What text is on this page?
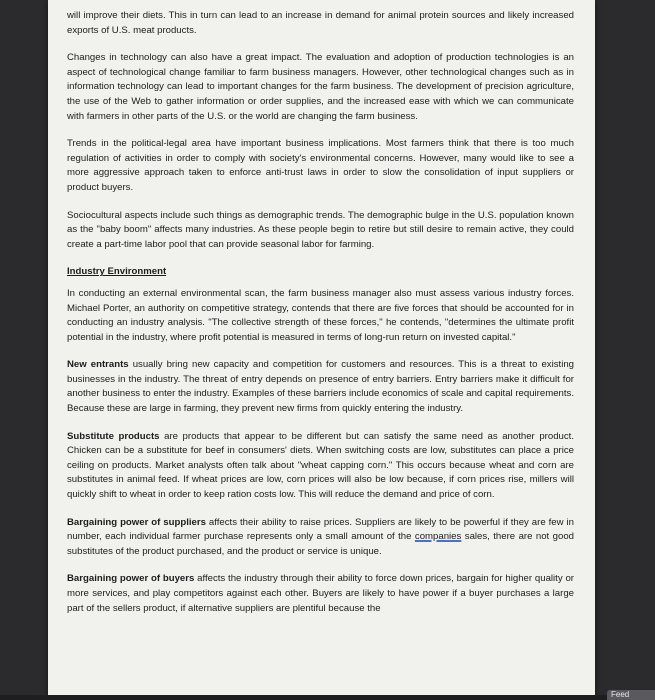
will improve their diets. This in turn can lead to an increase in demand for animal protein sources and likely increased exports of U.S. meat products.

Changes in technology can also have a great impact. The evaluation and adoption of production technologies is an aspect of technological change familiar to farm business managers. However, other technological changes such as in information technology can lead to important changes for the farm business. The development of precision agriculture, the use of the Web to gather information or order supplies, and the increased ease with which we can communicate with farmers in other parts of the U.S. or the world are changing the farm business.

Trends in the political-legal area have important business implications. Most farmers think that there is too much regulation of activities in order to comply with society's environmental concerns. However, many would like to see a more aggressive approach taken to enforce anti-trust laws in order to slow the consolidation of input suppliers or product buyers.

Sociocultural aspects include such things as demographic trends. The demographic bulge in the U.S. population known as the "baby boom" affects many industries. As these people begin to retire but still desire to remain active, they could create a part-time labor pool that can provide seasonal labor for farming.

Industry Environment

In conducting an external environmental scan, the farm business manager also must assess various industry forces. Michael Porter, an authority on competitive strategy, contends that there are five forces that should be accounted for in conducting an industry analysis. "The collective strength of these forces," he contends, "determines the ultimate profit potential in the industry, where profit potential is measured in terms of long-run return on invested capital."

New entrants usually bring new capacity and competition for customers and resources. This is a threat to existing businesses in the industry. The threat of entry depends on presence of entry barriers. Entry barriers make it difficult for another business to enter the industry. Examples of these barriers include economics of scale and capital requirements. Because these are large in farming, they prevent new firms from quickly entering the industry.

Substitute products are products that appear to be different but can satisfy the same need as another product. Chicken can be a substitute for beef in consumers' diets. When switching costs are low, substitutes can place a price ceiling on products. Market analysts often talk about "wheat capping corn." This occurs because wheat and corn are substitutes in animal feed. If wheat prices are low, corn prices will also be low because, if corn prices rise, millers will quickly shift to wheat in order to keep ration costs low. This will reduce the demand and price of corn.

Bargaining power of suppliers affects their ability to raise prices. Suppliers are likely to be powerful if they are few in number, each individual farmer purchase represents only a small amount of the companies sales, there are not good substitutes of the product purchased, and the product or service is unique.

Bargaining power of buyers affects the industry through their ability to force down prices, bargain for higher quality or more services, and play competitors against each other. Buyers are likely to have power if a buyer purchases a large part of the sellers product, if alternative suppliers are plentiful because the

Feed
